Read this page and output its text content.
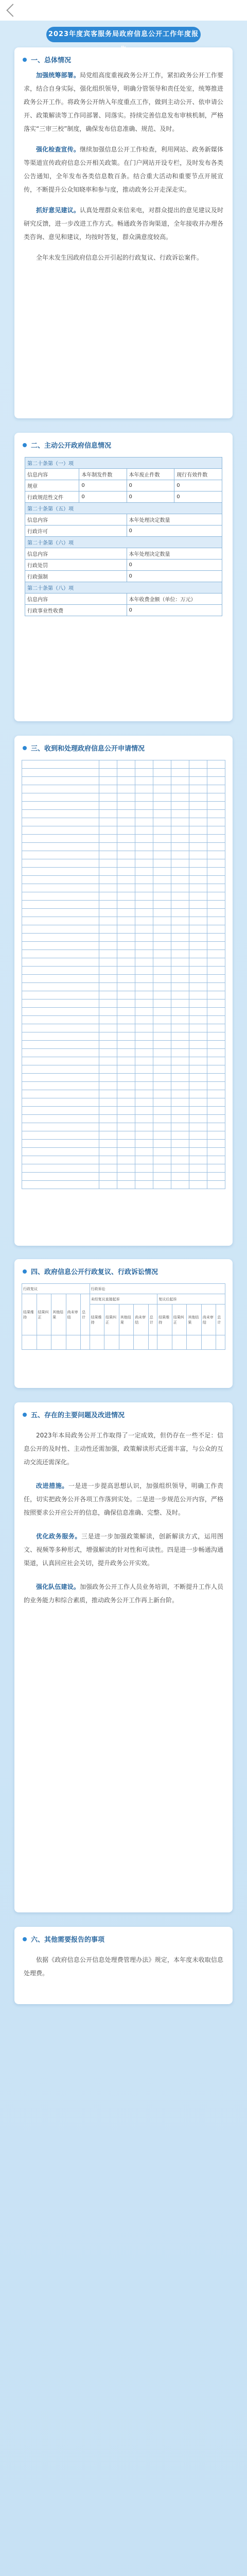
2023年度宾客服务局政府信息公开工作年度报
一、总体情况

加强统筹部署。局党组高度重视政务公开工作，紧扣政务公开工作要求，结合自身实际，强化组织领导，明确分管领导和责任处室，统筹推进政务公开工作。将政务公开纳入年度重点工作，做到主动公开、依申请公开、政策解读等工作同部署、同落实。持续完善信息发布审核机制，严格落实“三审三校”制度，确保发布信息准确、规范、及时。

强化检查宣传。继续加强信息公开工作检查，利用网站、政务新媒体等渠道宣传政府信息公开相关政策。在门户网站开设专栏，及时发布各类公告通知，全年发布各类信息数百条。结合重大活动和重要节点开展宣传，不断提升公众知晓率和参与度，推动政务公开走深走实。

抓好意见建议。认真处理群众来信来电，对群众提出的意见建议及时研究反馈，进一步改进工作方式。畅通政务咨询渠道，全年接收并办理各类咨询、意见和建议，均按时答复，群众满意度较高。

全年未发生因政府信息公开引起的行政复议、行政诉讼案件。

二、主动公开政府信息情况
第二十条第（一）项			
信息内容	本年制发件数	本年废止件数	现行有效件数
规章	0	0	0
行政规范性文件	0	0	0
第二十条第（五）项			
信息内容		本年处理决定数量	
行政许可		0	
第二十条第（六）项			
信息内容		本年处理决定数量	
行政处罚		0	
行政强制		0	
第二十条第（八）项			
信息内容		本年收费金额（单位：万元）	
行政事业性收费		0	
三、收到和处理政府信息公开申请情况

四、政府信息公开行政复议、行政诉讼情况
行政复议					行政诉讼									
结果维持	结果纠正	其他结果	尚未审结	总计	未经复议直接起诉					复议后起诉				
					结果维持	结果纠正	其他结果	尚未审结	总计	结果维持	结果纠正	其他结果	尚未审结	总计

五、存在的主要问题及改进情况

2023年本局政务公开工作取得了一定成效，但仍存在一些不足：信息公开的及时性、主动性还需加强，政策解读形式还需丰富，与公众的互动交流还需深化。

改进措施。一是进一步提高思想认识，加强组织领导，明确工作责任，切实把政务公开各项工作落到实处。二是进一步规范公开内容，严格按照要求公开应公开的信息，确保信息准确、完整、及时。

优化政务服务。三是进一步加强政策解读，创新解读方式，运用图文、视频等多种形式，增强解读的针对性和可读性。四是进一步畅通沟通渠道，认真回应社会关切，提升政务公开实效。

强化队伍建设。加强政务公开工作人员业务培训，不断提升工作人员的业务能力和综合素质，推动政务公开工作再上新台阶。

六、其他需要报告的事项

依据《政府信息公开信息处理费管理办法》规定，本年度未收取信息处理费。
